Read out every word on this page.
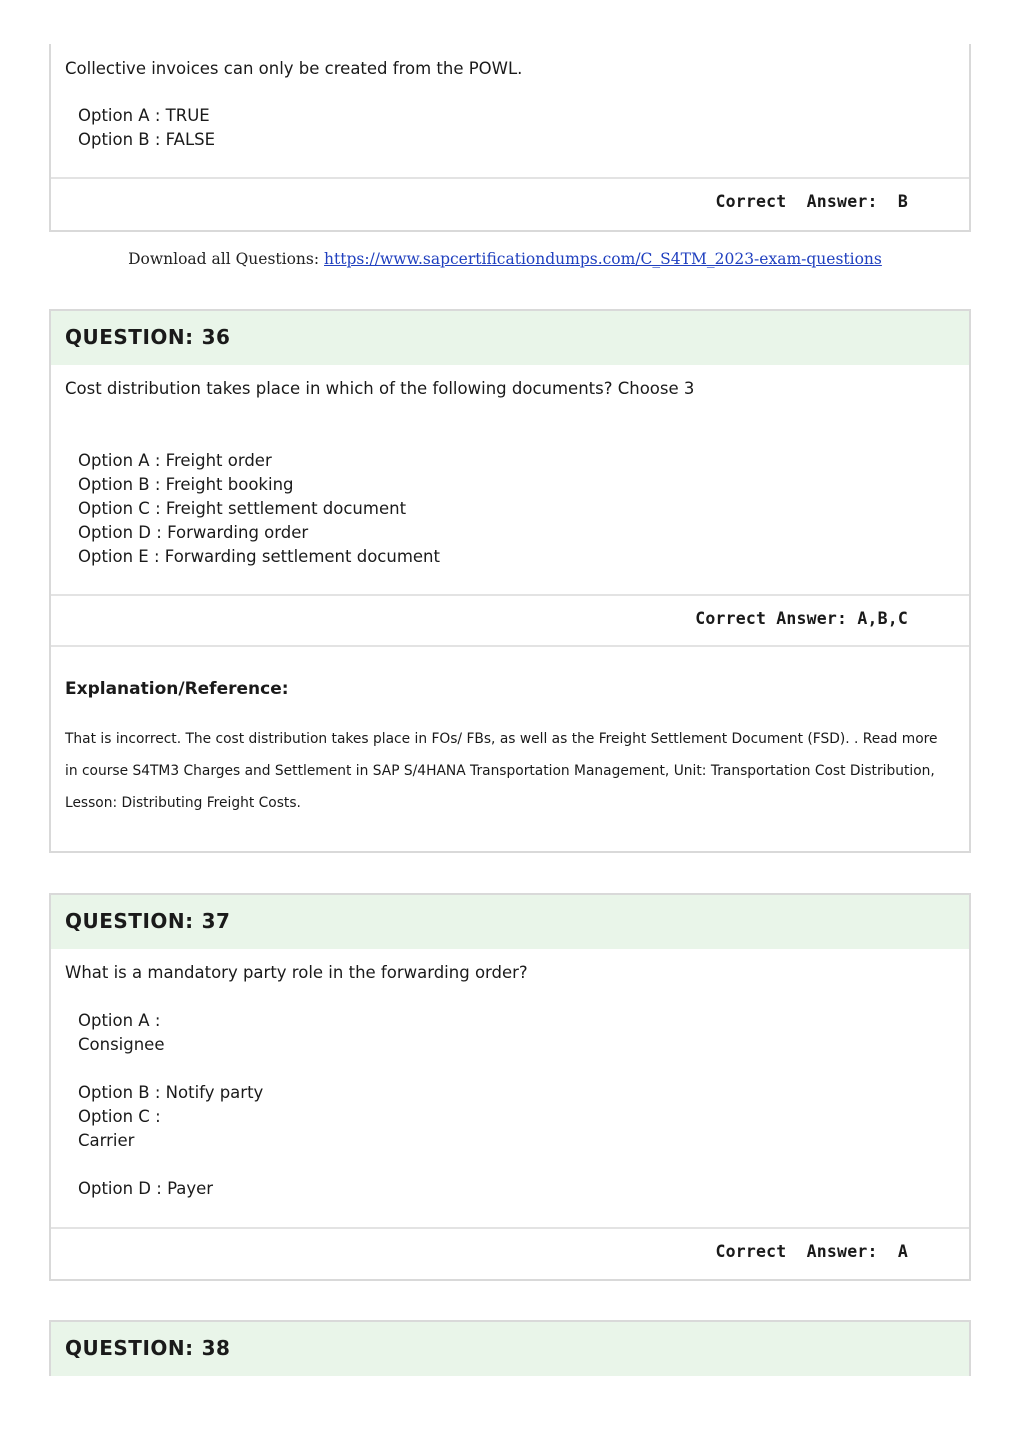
Collective invoices can only be created from the POWL.
Option A : TRUE
Option B : FALSE
Correct  Answer:  B
Download all Questions: https://www.sapcertificationdumps.com/C_S4TM_2023-exam-questions
QUESTION: 36
Cost distribution takes place in which of the following documents? Choose 3
Option A : Freight order
Option B : Freight booking
Option C : Freight settlement document
Option D : Forwarding order
Option E : Forwarding settlement document
Correct Answer: A,B,C
Explanation/Reference:
That is incorrect. The cost distribution takes place in FOs/ FBs, as well as the Freight Settlement Document (FSD). . Read more in course S4TM3 Charges and Settlement in SAP S/4HANA Transportation Management, Unit: Transportation Cost Distribution, Lesson: Distributing Freight Costs.
QUESTION: 37
What is a mandatory party role in the forwarding order?
Option A :
Consignee
Option B : Notify party
Option C :
Carrier
Option D : Payer
Correct  Answer:  A
QUESTION: 38
